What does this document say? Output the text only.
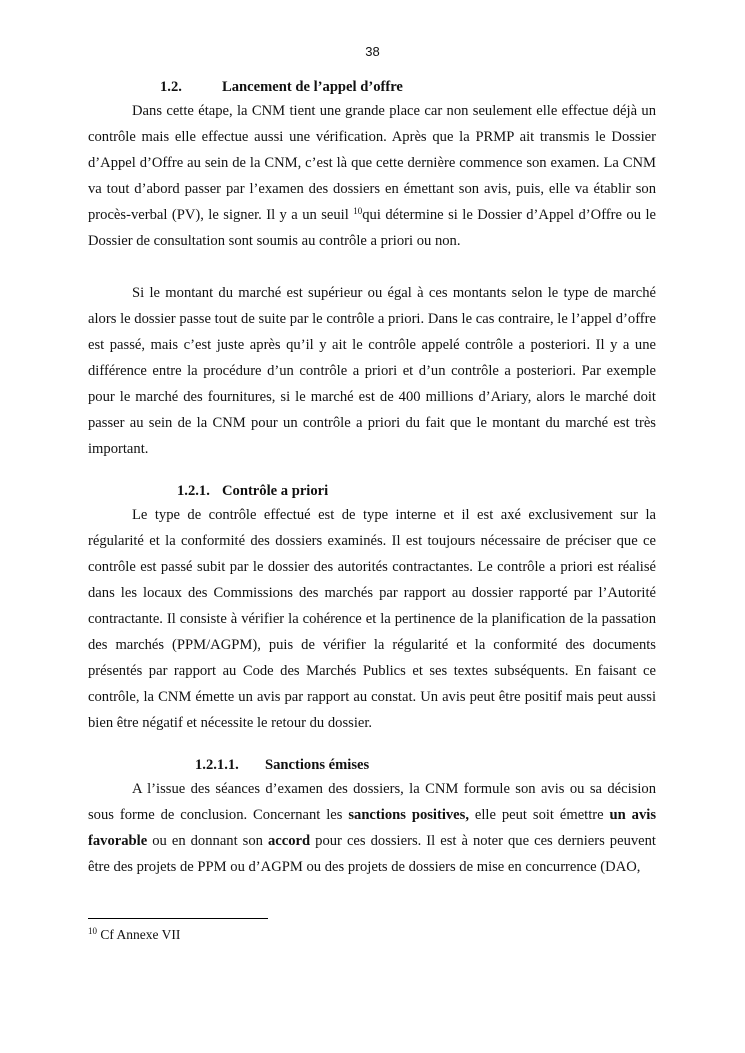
38
1.2.	Lancement de l’appel d’offre

Dans cette étape, la CNM tient une grande place car non seulement elle effectue déjà un contrôle mais elle effectue aussi une vérification. Après que la PRMP ait transmis le Dossier d’Appel d’Offre au sein de la CNM, c’est là que cette dernière commence son examen. La CNM va tout d’abord passer par l’examen des dossiers en émettant son avis, puis, elle va établir son procès-verbal (PV), le signer. Il y a un seuil $^{10}$qui détermine si le Dossier d’Appel d’Offre ou le Dossier de consultation sont soumis au contrôle a priori ou non.

Si le montant du marché est supérieur ou égal à ces montants selon le type de marché alors le dossier passe tout de suite par le contrôle a priori. Dans le cas contraire, le l’appel d’offre est passé, mais c’est juste après qu’il y ait le contrôle appelé contrôle a posteriori. Il y a une différence entre la procédure d’un contrôle a priori et d’un contrôle a posteriori. Par exemple pour le marché des fournitures, si le marché est de 400 millions d’Ariary, alors le marché doit passer au sein de la CNM pour un contrôle a priori du fait que le montant du marché est très important.

1.2.1. Contrôle a priori

Le type de contrôle effectué est de type interne et il est axé exclusivement sur la régularité et la conformité des dossiers examinés. Il est toujours nécessaire de préciser que ce contrôle est passé subit par le dossier des autorités contractantes. Le contrôle a priori est réalisé dans les locaux des Commissions des marchés par rapport au dossier rapporté par l’Autorité contractante. Il consiste à vérifier la cohérence et la pertinence de la planification de la passation des marchés (PPM/AGPM), puis de vérifier la régularité et la conformité des documents présentés par rapport au Code des Marchés Publics et ses textes subséquents. En faisant ce contrôle, la CNM émette un avis par rapport au constat. Un avis peut être positif mais peut aussi bien être négatif et nécessite le retour du dossier.

1.2.1.1. Sanctions émises

A l’issue des séances d’examen des dossiers, la CNM formule son avis ou sa décision sous forme de conclusion. Concernant les sanctions positives, elle peut soit émettre un avis favorable ou en donnant son accord pour ces dossiers. Il est à noter que ces derniers peuvent être des projets de PPM ou d’AGPM ou des projets de dossiers de mise en concurrence (DAO,

$^{10}$ Cf Annexe VII
